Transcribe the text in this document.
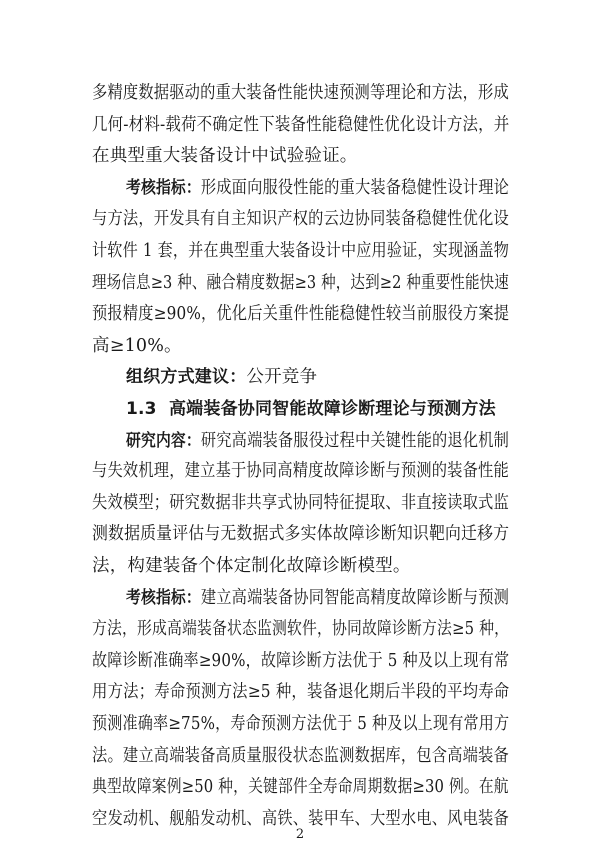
多精度数据驱动的重大装备性能快速预测等理论和方法，形成
几何-材料-载荷不确定性下装备性能稳健性优化设计方法，并
在典型重大装备设计中试验验证。
考核指标：形成面向服役性能的重大装备稳健性设计理论
与方法，开发具有自主知识产权的云边协同装备稳健性优化设
计软件 1 套，并在典型重大装备设计中应用验证，实现涵盖物
理场信息≥3 种、融合精度数据≥3 种，达到≥2 种重要性能快速
预报精度≥90%，优化后关重件性能稳健性较当前服役方案提
高≥10%。
组织方式建议：公开竞争
1.3 高端装备协同智能故障诊断理论与预测方法
研究内容：研究高端装备服役过程中关键性能的退化机制
与失效机理，建立基于协同高精度故障诊断与预测的装备性能
失效模型；研究数据非共享式协同特征提取、非直接读取式监
测数据质量评估与无数据式多实体故障诊断知识靶向迁移方
法，构建装备个体定制化故障诊断模型。
考核指标：建立高端装备协同智能高精度故障诊断与预测
方法，形成高端装备状态监测软件，协同故障诊断方法≥5 种，
故障诊断准确率≥90%，故障诊断方法优于 5 种及以上现有常
用方法；寿命预测方法≥5 种，装备退化期后半段的平均寿命
预测准确率≥75%，寿命预测方法优于 5 种及以上现有常用方
法。建立高端装备高质量服役状态监测数据库，包含高端装备
典型故障案例≥50 种，关键部件全寿命周期数据≥30 例。在航
空发动机、舰船发动机、高铁、装甲车、大型水电、风电装备
2
